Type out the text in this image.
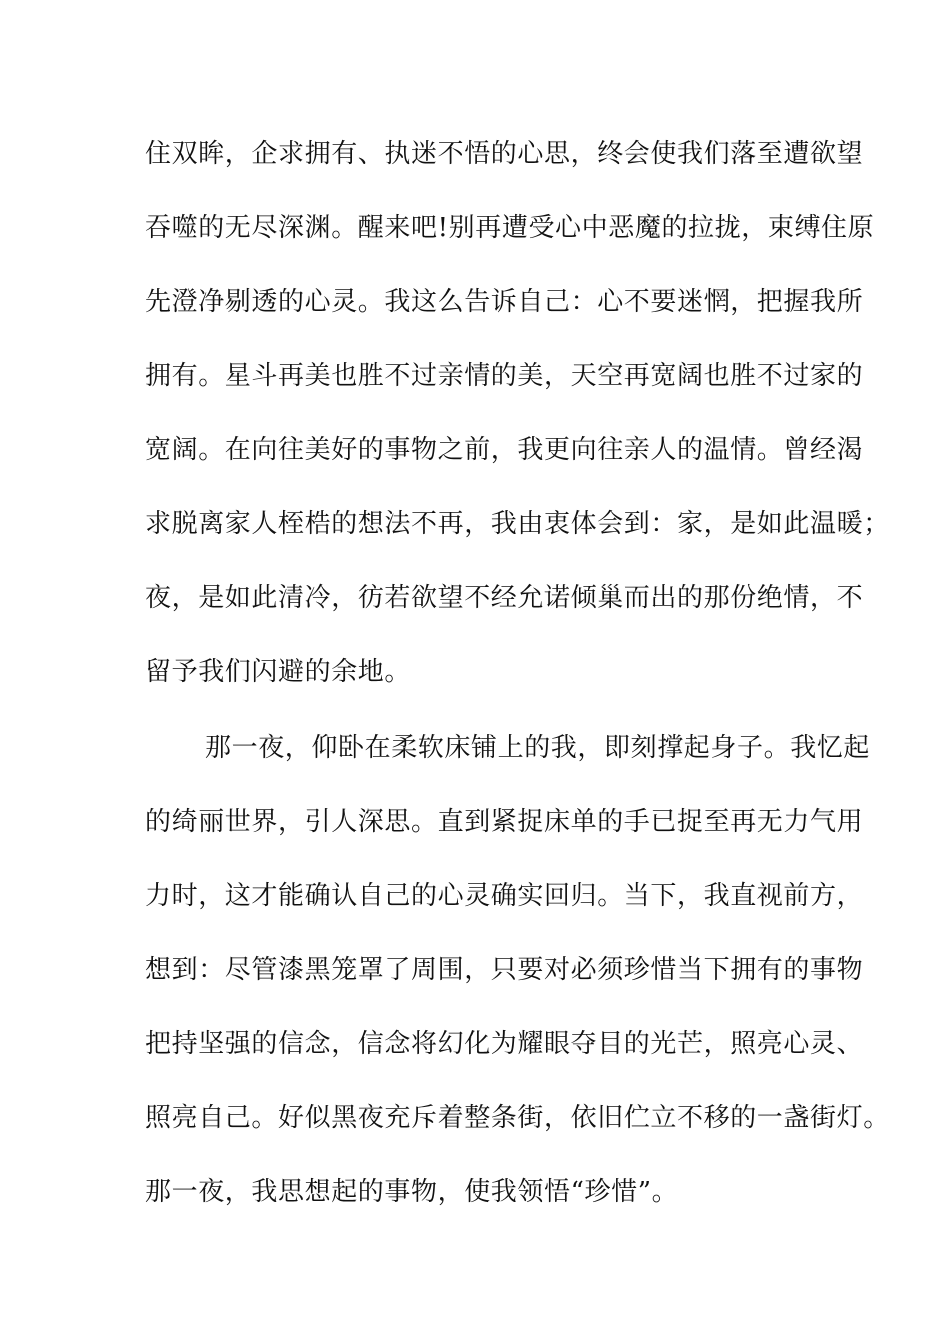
住双眸，企求拥有、执迷不悟的心思，终会使我们落至遭欲望
吞噬的无尽深渊。醒来吧!别再遭受心中恶魔的拉拢，束缚住原
先澄净剔透的心灵。我这么告诉自己：心不要迷惘，把握我所
拥有。星斗再美也胜不过亲情的美，天空再宽阔也胜不过家的
宽阔。在向往美好的事物之前，我更向往亲人的温情。曾经渴
求脱离家人桎梏的想法不再，我由衷体会到：家，是如此温暖；
夜，是如此清冷，彷若欲望不经允诺倾巢而出的那份绝情，不
留予我们闪避的余地。
那一夜，仰卧在柔软床铺上的我，即刻撑起身子。我忆起
的绮丽世界，引人深思。直到紧捉床单的手已捉至再无力气用
力时，这才能确认自己的心灵确实回归。当下，我直视前方，
想到：尽管漆黑笼罩了周围，只要对必须珍惜当下拥有的事物
把持坚强的信念，信念将幻化为耀眼夺目的光芒，照亮心灵、
照亮自己。好似黑夜充斥着整条街，依旧伫立不移的一盏街灯。
那一夜，我思想起的事物，使我领悟“珍惜”。
